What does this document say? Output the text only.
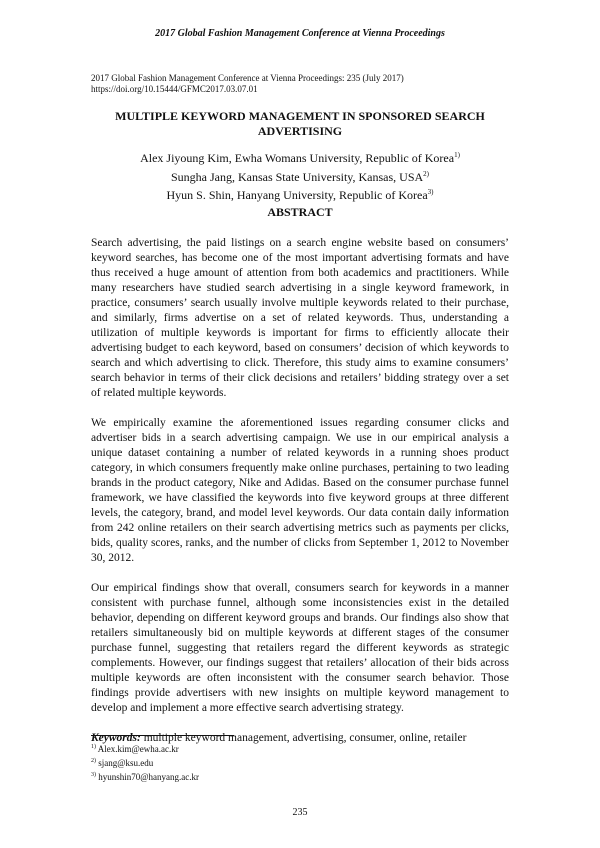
2017 Global Fashion Management Conference at Vienna Proceedings
2017 Global Fashion Management Conference at Vienna Proceedings: 235 (July 2017)
https://doi.org/10.15444/GFMC2017.03.07.01
MULTIPLE KEYWORD MANAGEMENT IN SPONSORED SEARCH ADVERTISING
Alex Jiyoung Kim, Ewha Womans University, Republic of Korea$^{1)}$
Sungha Jang, Kansas State University, Kansas, USA$^{2)}$
Hyun S. Shin, Hanyang University, Republic of Korea$^{3)}$
ABSTRACT

Search advertising, the paid listings on a search engine website based on consumers’ keyword searches, has become one of the most important advertising formats and have thus received a huge amount of attention from both academics and practitioners. While many researchers have studied search advertising in a single keyword framework, in practice, consumers’ search usually involve multiple keywords related to their purchase, and similarly, firms advertise on a set of related keywords. Thus, understanding a utilization of multiple keywords is important for firms to efficiently allocate their advertising budget to each keyword, based on consumers’ decision of which keywords to search and which advertising to click. Therefore, this study aims to examine consumers’ search behavior in terms of their click decisions and retailers’ bidding strategy over a set of related multiple keywords.

We empirically examine the aforementioned issues regarding consumer clicks and advertiser bids in a search advertising campaign. We use in our empirical analysis a unique dataset containing a number of related keywords in a running shoes product category, in which consumers frequently make online purchases, pertaining to two leading brands in the product category, Nike and Adidas. Based on the consumer purchase funnel framework, we have classified the keywords into five keyword groups at three different levels, the category, brand, and model level keywords. Our data contain daily information from 242 online retailers on their search advertising metrics such as payments per clicks, bids, quality scores, ranks, and the number of clicks from September 1, 2012 to November 30, 2012.

Our empirical findings show that overall, consumers search for keywords in a manner consistent with purchase funnel, although some inconsistencies exist in the detailed behavior, depending on different keyword groups and brands. Our findings also show that retailers simultaneously bid on multiple keywords at different stages of the consumer purchase funnel, suggesting that retailers regard the different keywords as strategic complements. However, our findings suggest that retailers’ allocation of their bids across multiple keywords are often inconsistent with the consumer search behavior. Those findings provide advertisers with new insights on multiple keyword management to develop and implement a more effective search advertising strategy.

Keywords: multiple keyword management, advertising, consumer, online, retailer

$^{1)}$ Alex.kim@ewha.ac.kr
$^{2)}$ sjang@ksu.edu
$^{3)}$ hyunshin70@hanyang.ac.kr
235
